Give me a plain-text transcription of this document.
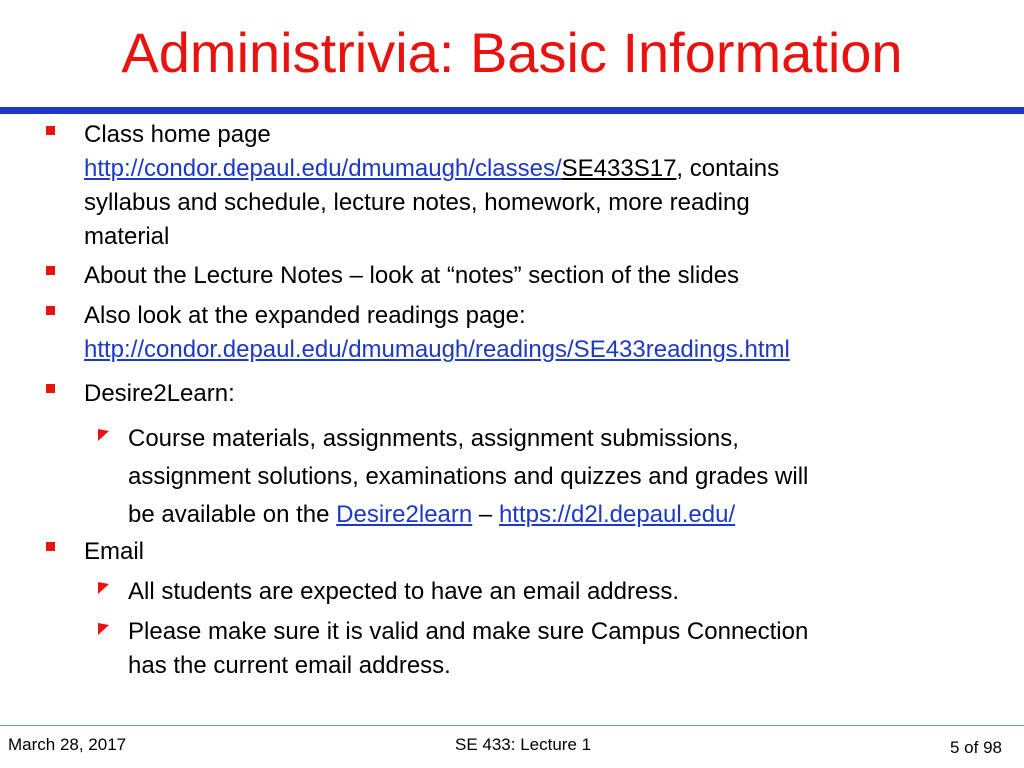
Administrivia: Basic Information
Class home page
http://condor.depaul.edu/dmumaugh/classes/SE433S17, contains
syllabus and schedule, lecture notes, homework, more reading
material
About the Lecture Notes – look at “notes” section of the slides
Also look at the expanded readings page:
http://condor.depaul.edu/dmumaugh/readings/SE433readings.html
Desire2Learn:
Course materials, assignments, assignment submissions,
assignment solutions, examinations and quizzes and grades will
be available on the Desire2learn – https://d2l.depaul.edu/
Email
All students are expected to have an email address.
Please make sure it is valid and make sure Campus Connection
has the current email address.
March 28, 2017	SE 433: Lecture 1	5 of 98
